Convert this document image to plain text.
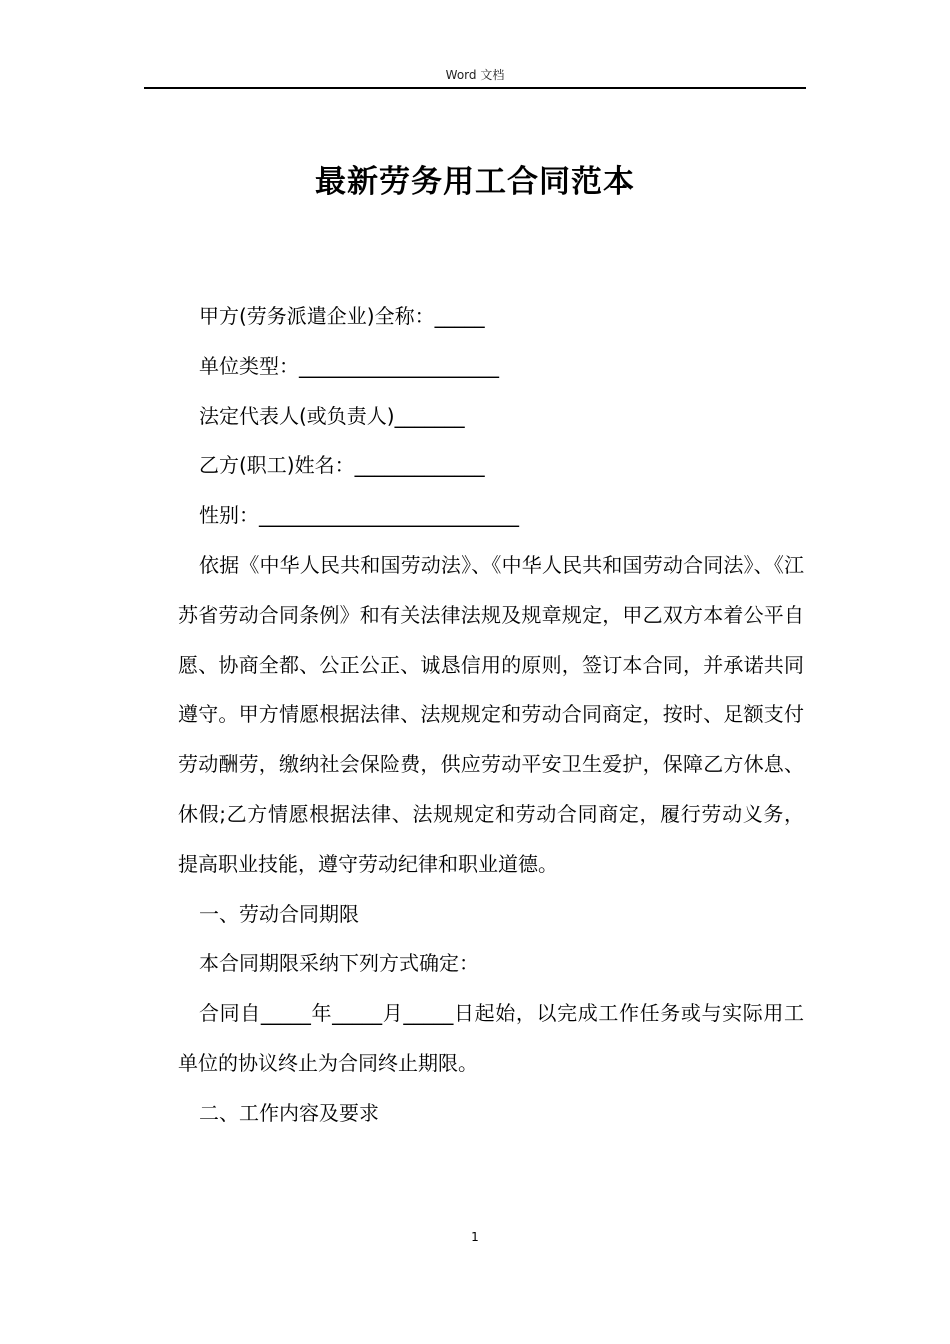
Word 文档
最新劳务用工合同范本

甲方(劳务派遣企业)全称：_____

单位类型：____________________

法定代表人(或负责人)_______

乙方(职工)姓名：_____________

性别：__________________________

依据《中华人民共和国劳动法》、《中华人民共和国劳动合同法》、《江苏省劳动合同条例》和有关法律法规及规章规定，甲乙双方本着公平自愿、协商全都、公正公正、诚恳信用的原则，签订本合同，并承诺共同遵守。甲方情愿根据法律、法规规定和劳动合同商定，按时、足额支付劳动酬劳，缴纳社会保险费，供应劳动平安卫生爱护，保障乙方休息、休假;乙方情愿根据法律、法规规定和劳动合同商定，履行劳动义务，提高职业技能，遵守劳动纪律和职业道德。

一、劳动合同期限

本合同期限采纳下列方式确定：

合同自_____年_____月_____日起始，以完成工作任务或与实际用工单位的协议终止为合同终止期限。

二、工作内容及要求

1
